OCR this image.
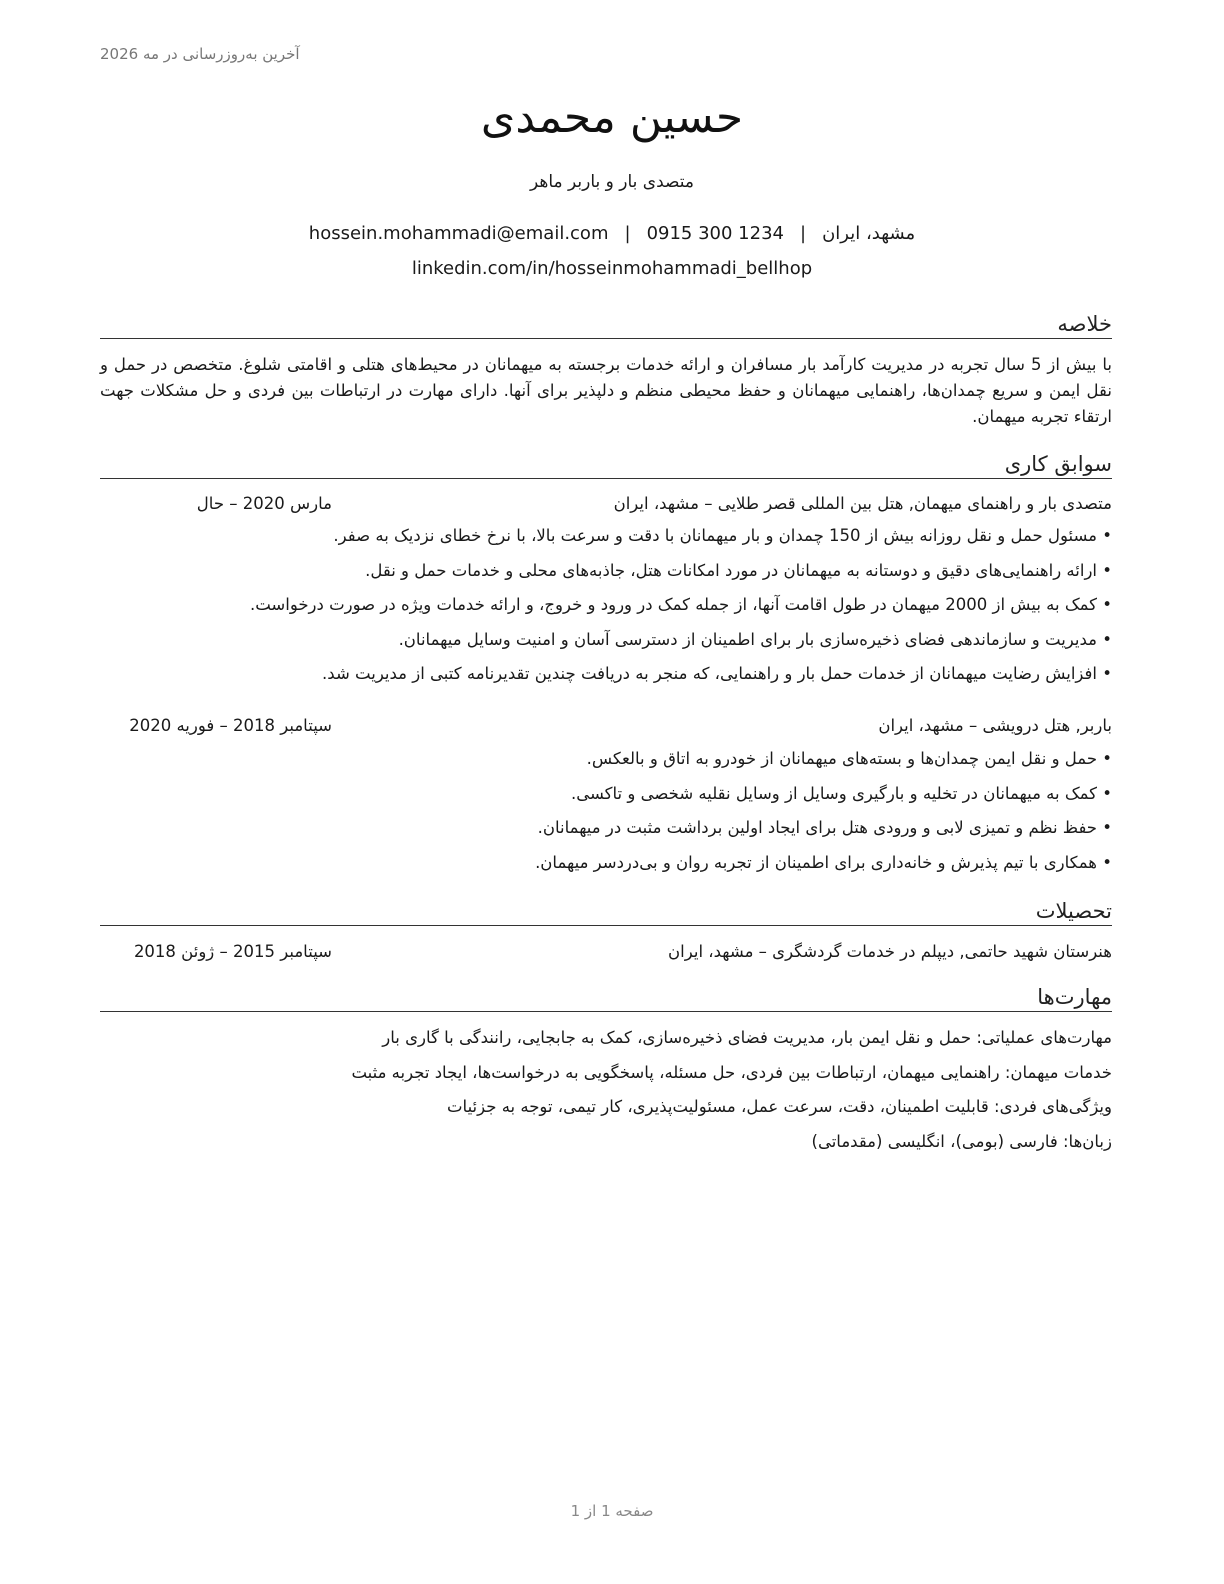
آخرین به‌روزرسانی در مه 2026
حسین محمدی
متصدی بار و باربر ماهر
مشهد، ایران|hossein.mohammadi@email.com | 0915 300 1234
linkedin.com/in/hosseinmohammadi_bellhop
خلاصه
با بیش از 5 سال تجربه در مدیریت کارآمد بار مسافران و ارائه خدمات برجسته به میهمانان در محیط‌های هتلی و اقامتی شلوغ. متخصص در حمل و نقل ایمن و سریع چمدان‌ها، راهنمایی میهمانان و حفظ محیطی منظم و دلپذیر برای آنها. دارای مهارت در ارتباطات بین فردی و حل مشکلات جهت ارتقاء تجربه میهمان.
سوابق کاری
متصدی بار و راهنمای میهمان, هتل بین المللی قصر طلایی – مشهد، ایران
مارس 2020 – حال
• مسئول حمل و نقل روزانه بیش از 150 چمدان و بار میهمانان با دقت و سرعت بالا، با نرخ خطای نزدیک به صفر.
• ارائه راهنمایی‌های دقیق و دوستانه به میهمانان در مورد امکانات هتل، جاذبه‌های محلی و خدمات حمل و نقل.
• کمک به بیش از 2000 میهمان در طول اقامت آنها، از جمله کمک در ورود و خروج، و ارائه خدمات ویژه در صورت درخواست.
• مدیریت و سازماندهی فضای ذخیره‌سازی بار برای اطمینان از دسترسی آسان و امنیت وسایل میهمانان.
• افزایش رضایت میهمانان از خدمات حمل بار و راهنمایی، که منجر به دریافت چندین تقدیرنامه کتبی از مدیریت شد.
باربر, هتل درویشی – مشهد، ایران
سپتامبر 2018 – فوریه 2020
• حمل و نقل ایمن چمدان‌ها و بسته‌های میهمانان از خودرو به اتاق و بالعکس.
• کمک به میهمانان در تخلیه و بارگیری وسایل از وسایل نقلیه شخصی و تاکسی.
• حفظ نظم و تمیزی لابی و ورودی هتل برای ایجاد اولین برداشت مثبت در میهمانان.
• همکاری با تیم پذیرش و خانه‌داری برای اطمینان از تجربه روان و بی‌دردسر میهمان.
تحصیلات
هنرستان شهید حاتمی, دیپلم در خدمات گردشگری – مشهد، ایران
سپتامبر 2015 – ژوئن 2018
مهارت‌ها
مهارت‌های عملیاتی: حمل و نقل ایمن بار، مدیریت فضای ذخیره‌سازی، کمک به جابجایی، رانندگی با گاری بار
خدمات میهمان: راهنمایی میهمان، ارتباطات بین فردی، حل مسئله، پاسخگویی به درخواست‌ها، ایجاد تجربه مثبت
ویژگی‌های فردی: قابلیت اطمینان، دقت، سرعت عمل، مسئولیت‌پذیری، کار تیمی، توجه به جزئیات
زبان‌ها: فارسی (بومی)، انگلیسی (مقدماتی)
صفحه 1 از 1
